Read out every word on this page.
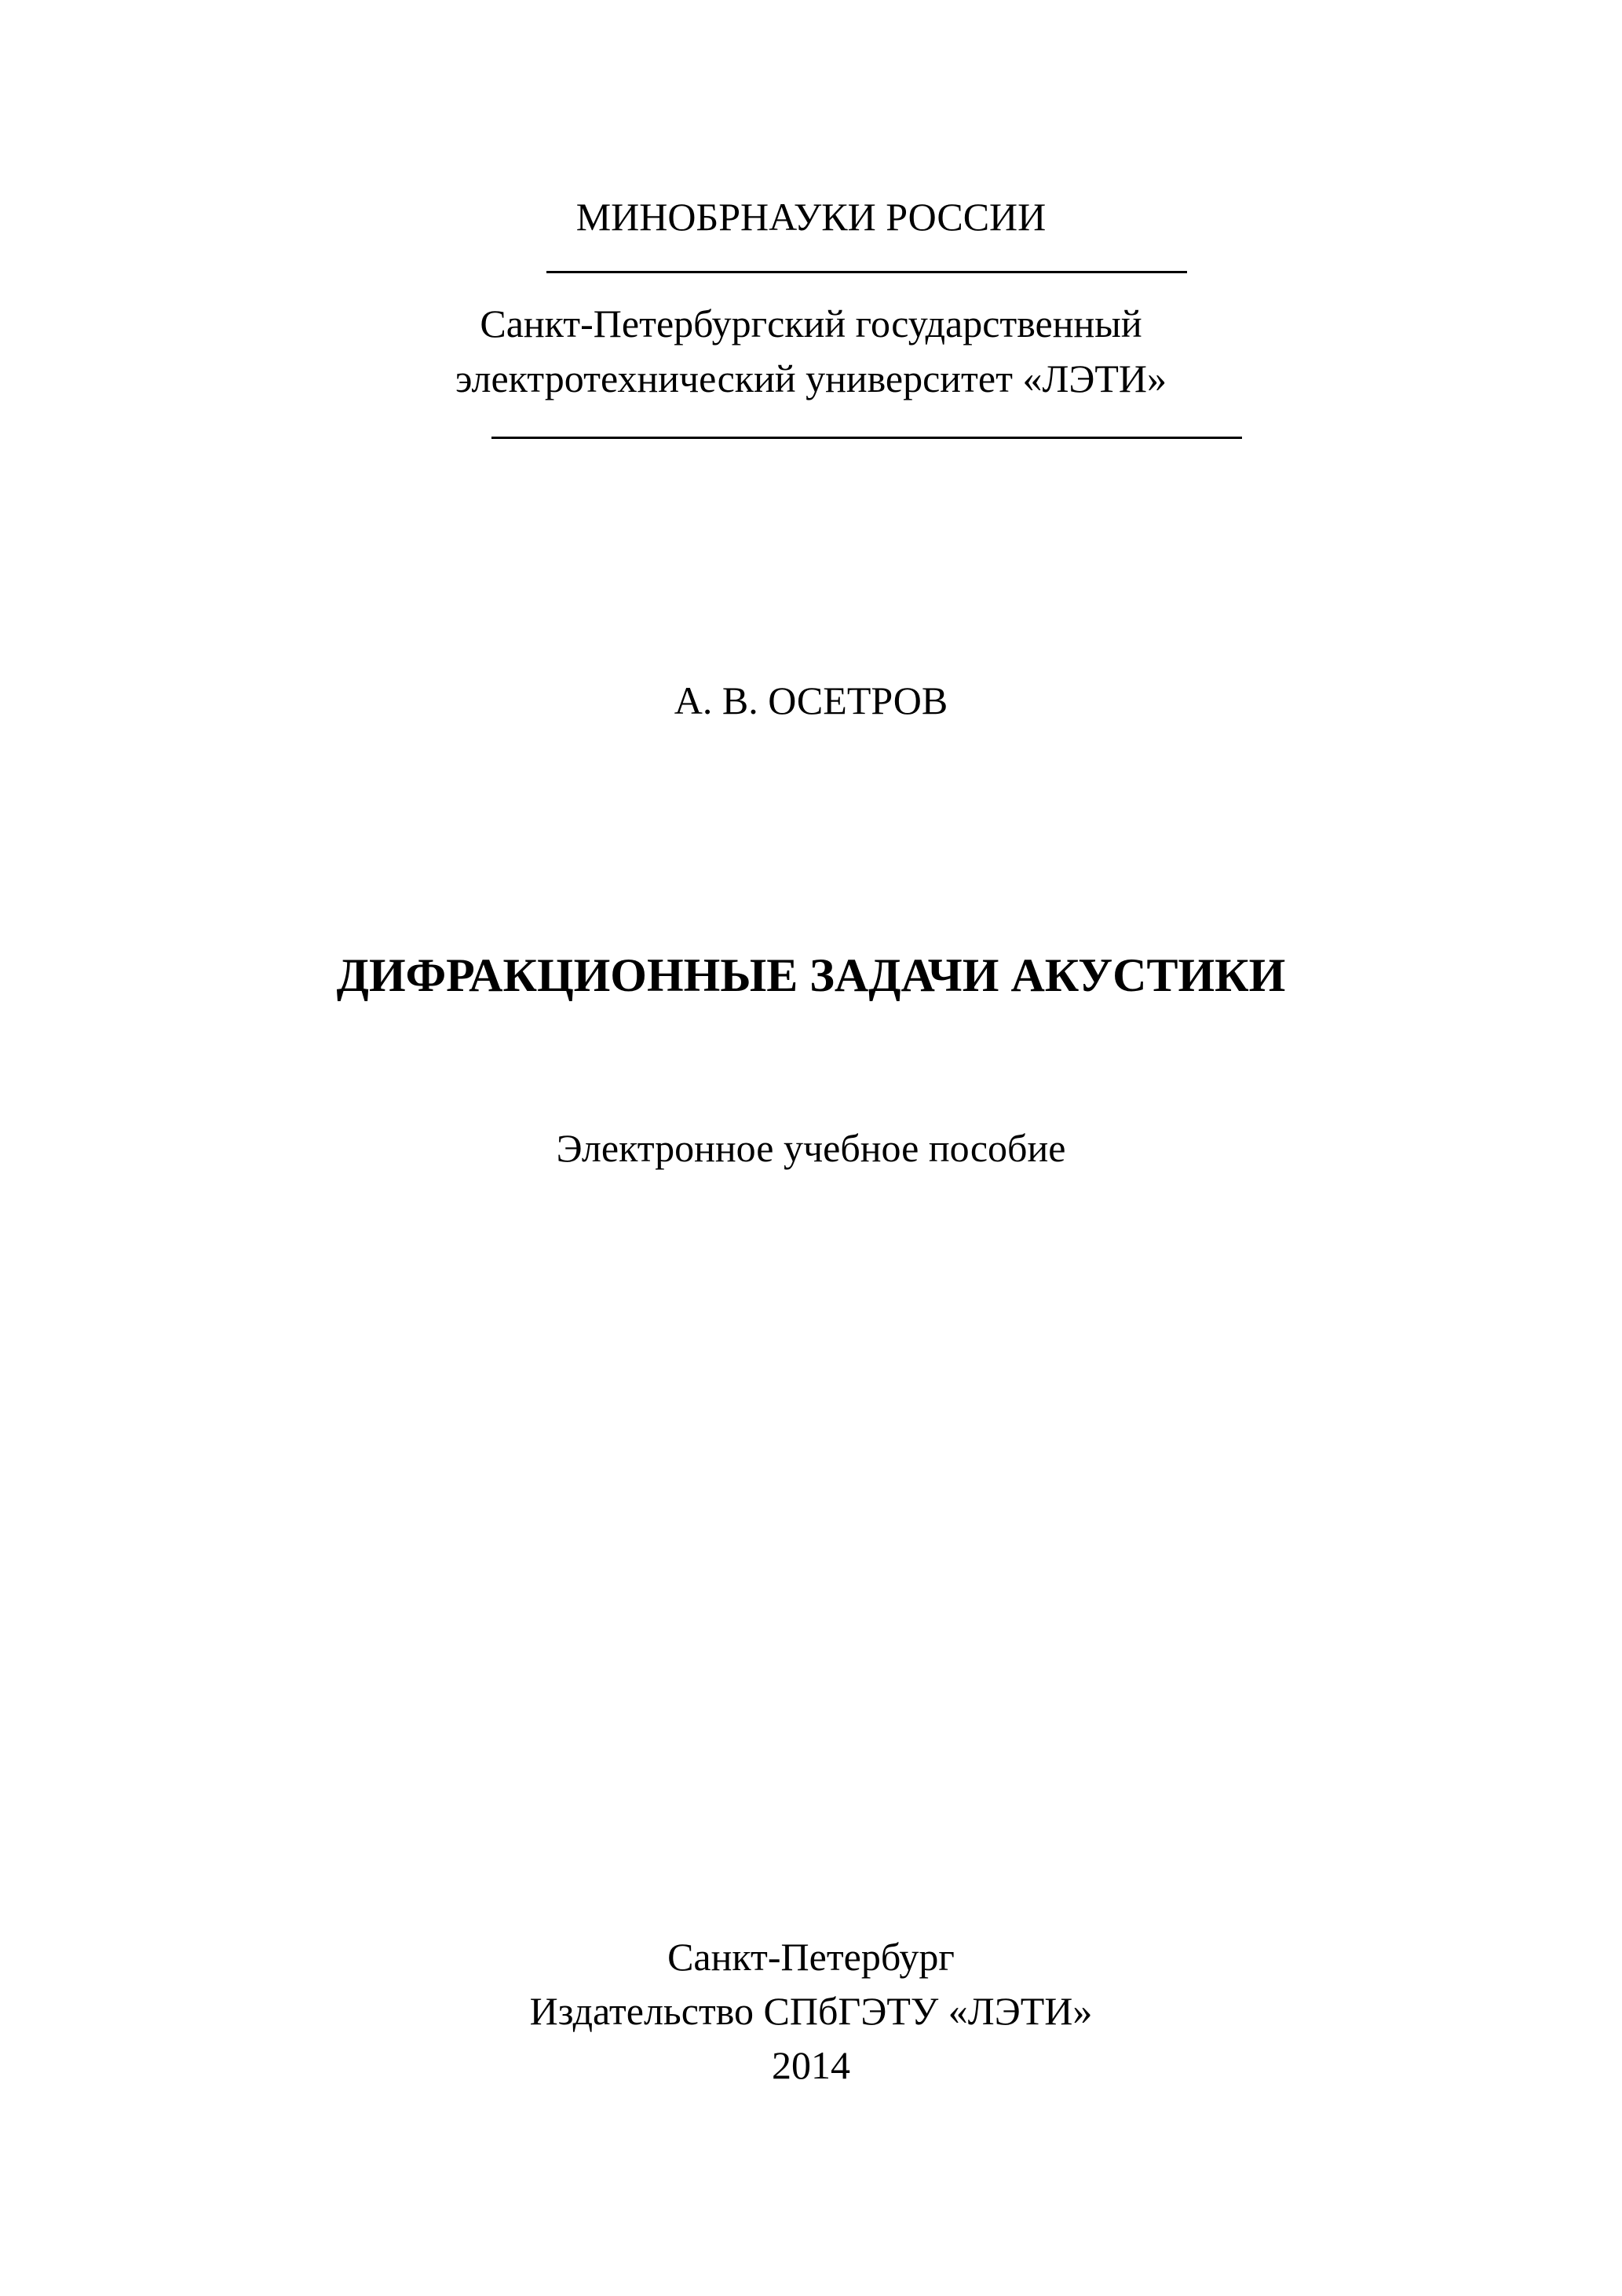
МИНОБРНАУКИ РОССИИ
Санкт-Петербургский государственный
электротехнический университет «ЛЭТИ»
А. В. ОСЕТРОВ
ДИФРАКЦИОННЫЕ ЗАДАЧИ АКУСТИКИ
Электронное учебное пособие
Санкт-Петербург
Издательство СПбГЭТУ «ЛЭТИ»
2014
